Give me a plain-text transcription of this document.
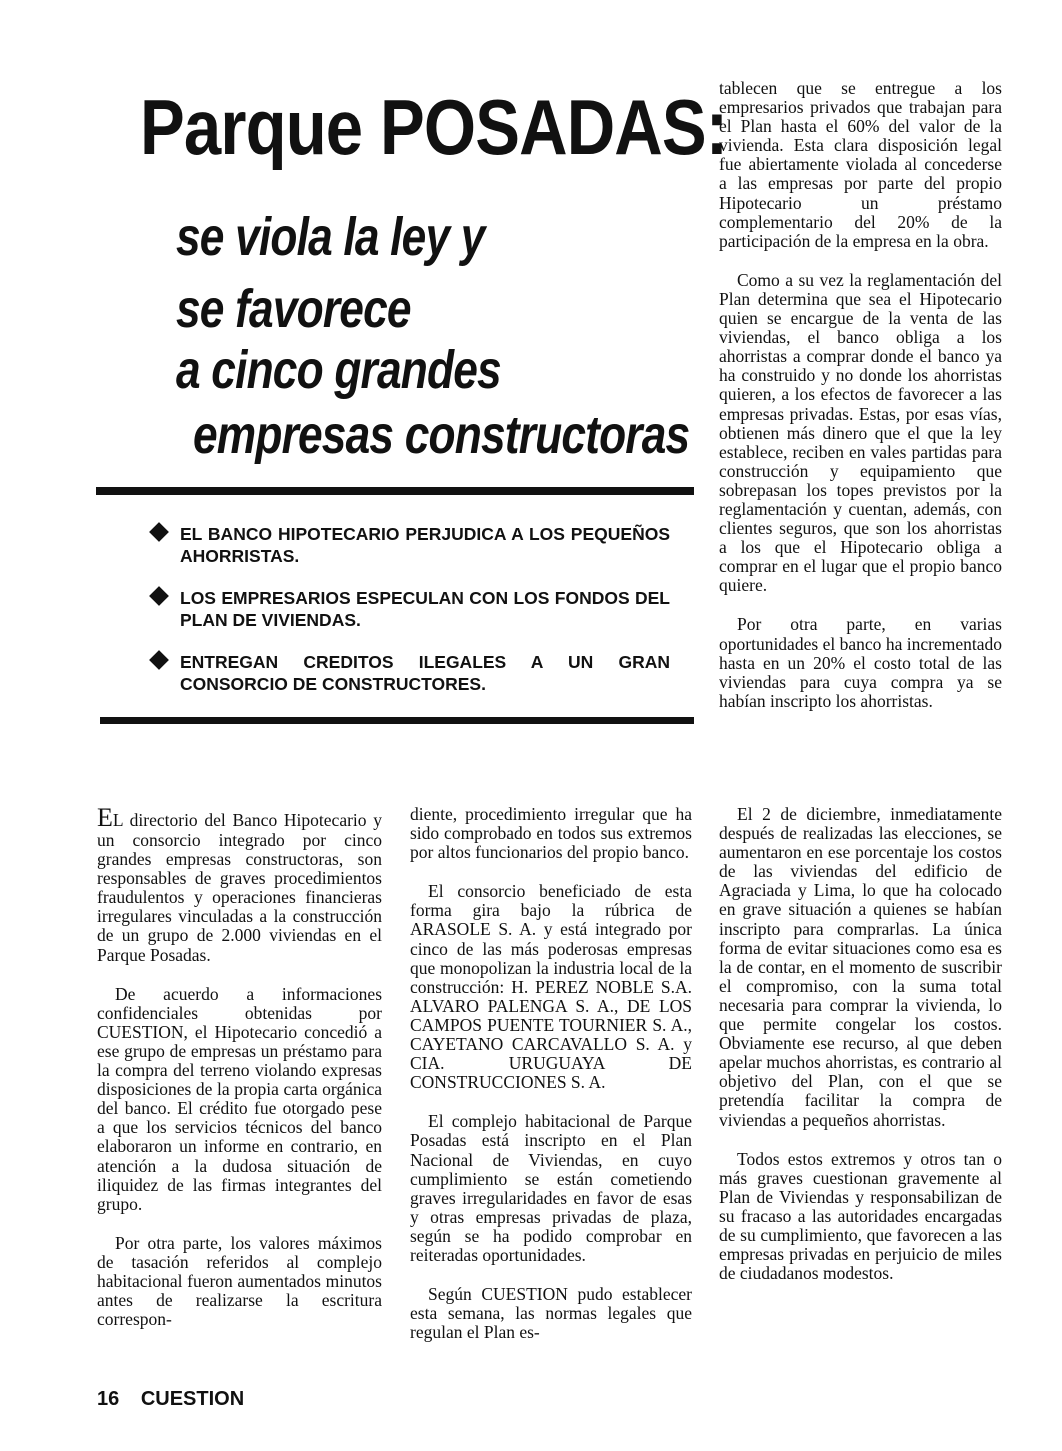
Parque POSADAS:
se viola la ley y
se favorece
a cinco grandes
empresas constructoras
EL BANCO HIPOTECARIO PERJUDICA A LOS PEQUEÑOS AHORRISTAS.
LOS EMPRESARIOS ESPECULAN CON LOS FONDOS DEL PLAN DE VIVIENDAS.
ENTREGAN CREDITOS ILEGALES A UN GRAN CONSORCIO DE CONSTRUCTORES.

EL directorio del Banco Hipotecario y un consorcio integrado por cinco grandes empresas constructoras, son responsables de graves procedimientos fraudulentos y operaciones financieras irregulares vinculadas a la construcción de un grupo de 2.000 viviendas en el Parque Posadas.

De acuerdo a informaciones confidenciales obtenidas por CUESTION, el Hipotecario concedió a ese grupo de empresas un préstamo para la compra del terreno violando expresas disposiciones de la propia carta orgánica del banco. El crédito fue otorgado pese a que los servicios técnicos del banco elaboraron un informe en contrario, en atención a la dudosa situación de iliquidez de las firmas integrantes del grupo.

Por otra parte, los valores máximos de tasación referidos al complejo habitacional fueron aumentados minutos antes de realizarse la escritura correspon-

diente, procedimiento irregular que ha sido comprobado en todos sus extremos por altos funcionarios del propio banco.

El consorcio beneficiado de esta forma gira bajo la rúbrica de ARASOLE S. A. y está integrado por cinco de las más poderosas empresas que monopolizan la industria local de la construcción: H. PEREZ NOBLE S.A. ALVARO PALENGA S. A., DE LOS CAMPOS PUENTE TOURNIER S. A., CAYETANO CARCAVALLO S. A. y CIA. URUGUAYA DE CONSTRUCCIONES S. A.

El complejo habitacional de Parque Posadas está inscripto en el Plan Nacional de Viviendas, en cuyo cumplimiento se están cometiendo graves irregularidades en favor de esas y otras empresas privadas de plaza, según se ha podido comprobar en reiteradas oportunidades.

Según CUESTION pudo establecer esta semana, las normas legales que regulan el Plan es-

tablecen que se entregue a los empresarios privados que trabajan para el Plan hasta el 60% del valor de la vivienda. Esta clara disposición legal fue abiertamente violada al concederse a las empresas por parte del propio Hipotecario un préstamo complementario del 20% de la participación de la empresa en la obra.

Como a su vez la reglamentación del Plan determina que sea el Hipotecario quien se encargue de la venta de las viviendas, el banco obliga a los ahorristas a comprar donde el banco ya ha construido y no donde los ahorristas quieren, a los efectos de favorecer a las empresas privadas. Estas, por esas vías, obtienen más dinero que el que la ley establece, reciben en vales partidas para construcción y equipamiento que sobrepasan los topes previstos por la reglamentación y cuentan, además, con clientes seguros, que son los ahorristas a los que el Hipotecario obliga a comprar en el lugar que el propio banco quiere.

Por otra parte, en varias oportunidades el banco ha incrementado hasta en un 20% el costo total de las viviendas para cuya compra ya se habían inscripto los ahorristas.

El 2 de diciembre, inmediatamente después de realizadas las elecciones, se aumentaron en ese porcentaje los costos de las viviendas del edificio de Agraciada y Lima, lo que ha colocado en grave situación a quienes se habían inscripto para comprarlas. La única forma de evitar situaciones como esa es la de contar, en el momento de suscribir el compromiso, con la suma total necesaria para comprar la vivienda, lo que permite congelar los costos. Obviamente ese recurso, al que deben apelar muchos ahorristas, es contrario al objetivo del Plan, con el que se pretendía facilitar la compra de viviendas a pequeños ahorristas.

Todos estos extremos y otros tan o más graves cuestionan gravemente al Plan de Viviendas y responsabilizan de su fracaso a las autoridades encargadas de su cumplimiento, que favorecen a las empresas privadas en perjuicio de miles de ciudadanos modestos.

16 CUESTION
